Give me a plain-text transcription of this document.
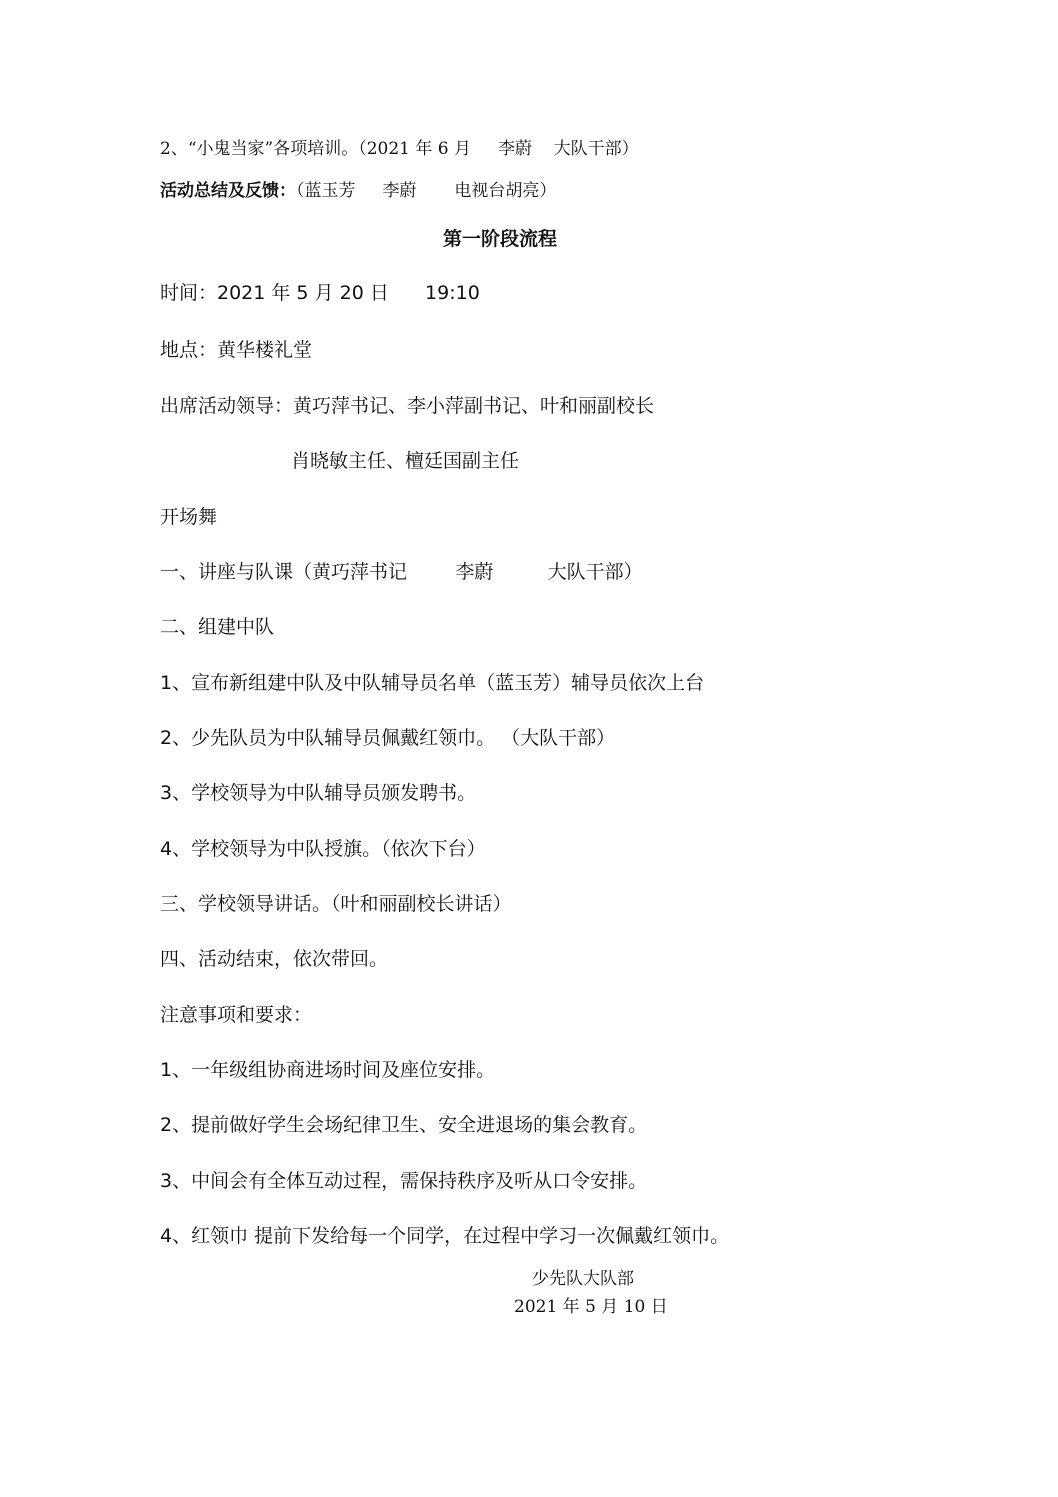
2、“小鬼当家”各项培训。（2021 年 6 月     李蔚    大队干部）
活动总结及反馈：（蓝玉芳     李蔚       电视台胡亮）
第一阶段流程
时间：2021 年 5 月 20 日      19:10
地点：黄华楼礼堂
出席活动领导：黄巧萍书记、李小萍副书记、叶和丽副校长
肖晓敏主任、檀廷国副主任
开场舞
一、讲座与队课（黄巧萍书记        李蔚         大队干部）
二、组建中队
1、宣布新组建中队及中队辅导员名单（蓝玉芳）辅导员依次上台
2、少先队员为中队辅导员佩戴红领巾。 （大队干部）
3、学校领导为中队辅导员颁发聘书。
4、学校领导为中队授旗。（依次下台）
三、学校领导讲话。（叶和丽副校长讲话）
四、活动结束，依次带回。
注意事项和要求：
1、一年级组协商进场时间及座位安排。
2、提前做好学生会场纪律卫生、安全进退场的集会教育。
3、中间会有全体互动过程，需保持秩序及听从口令安排。
4、红领巾 提前下发给每一个同学，在过程中学习一次佩戴红领巾。
少先队大队部
2021 年 5 月 10 日
